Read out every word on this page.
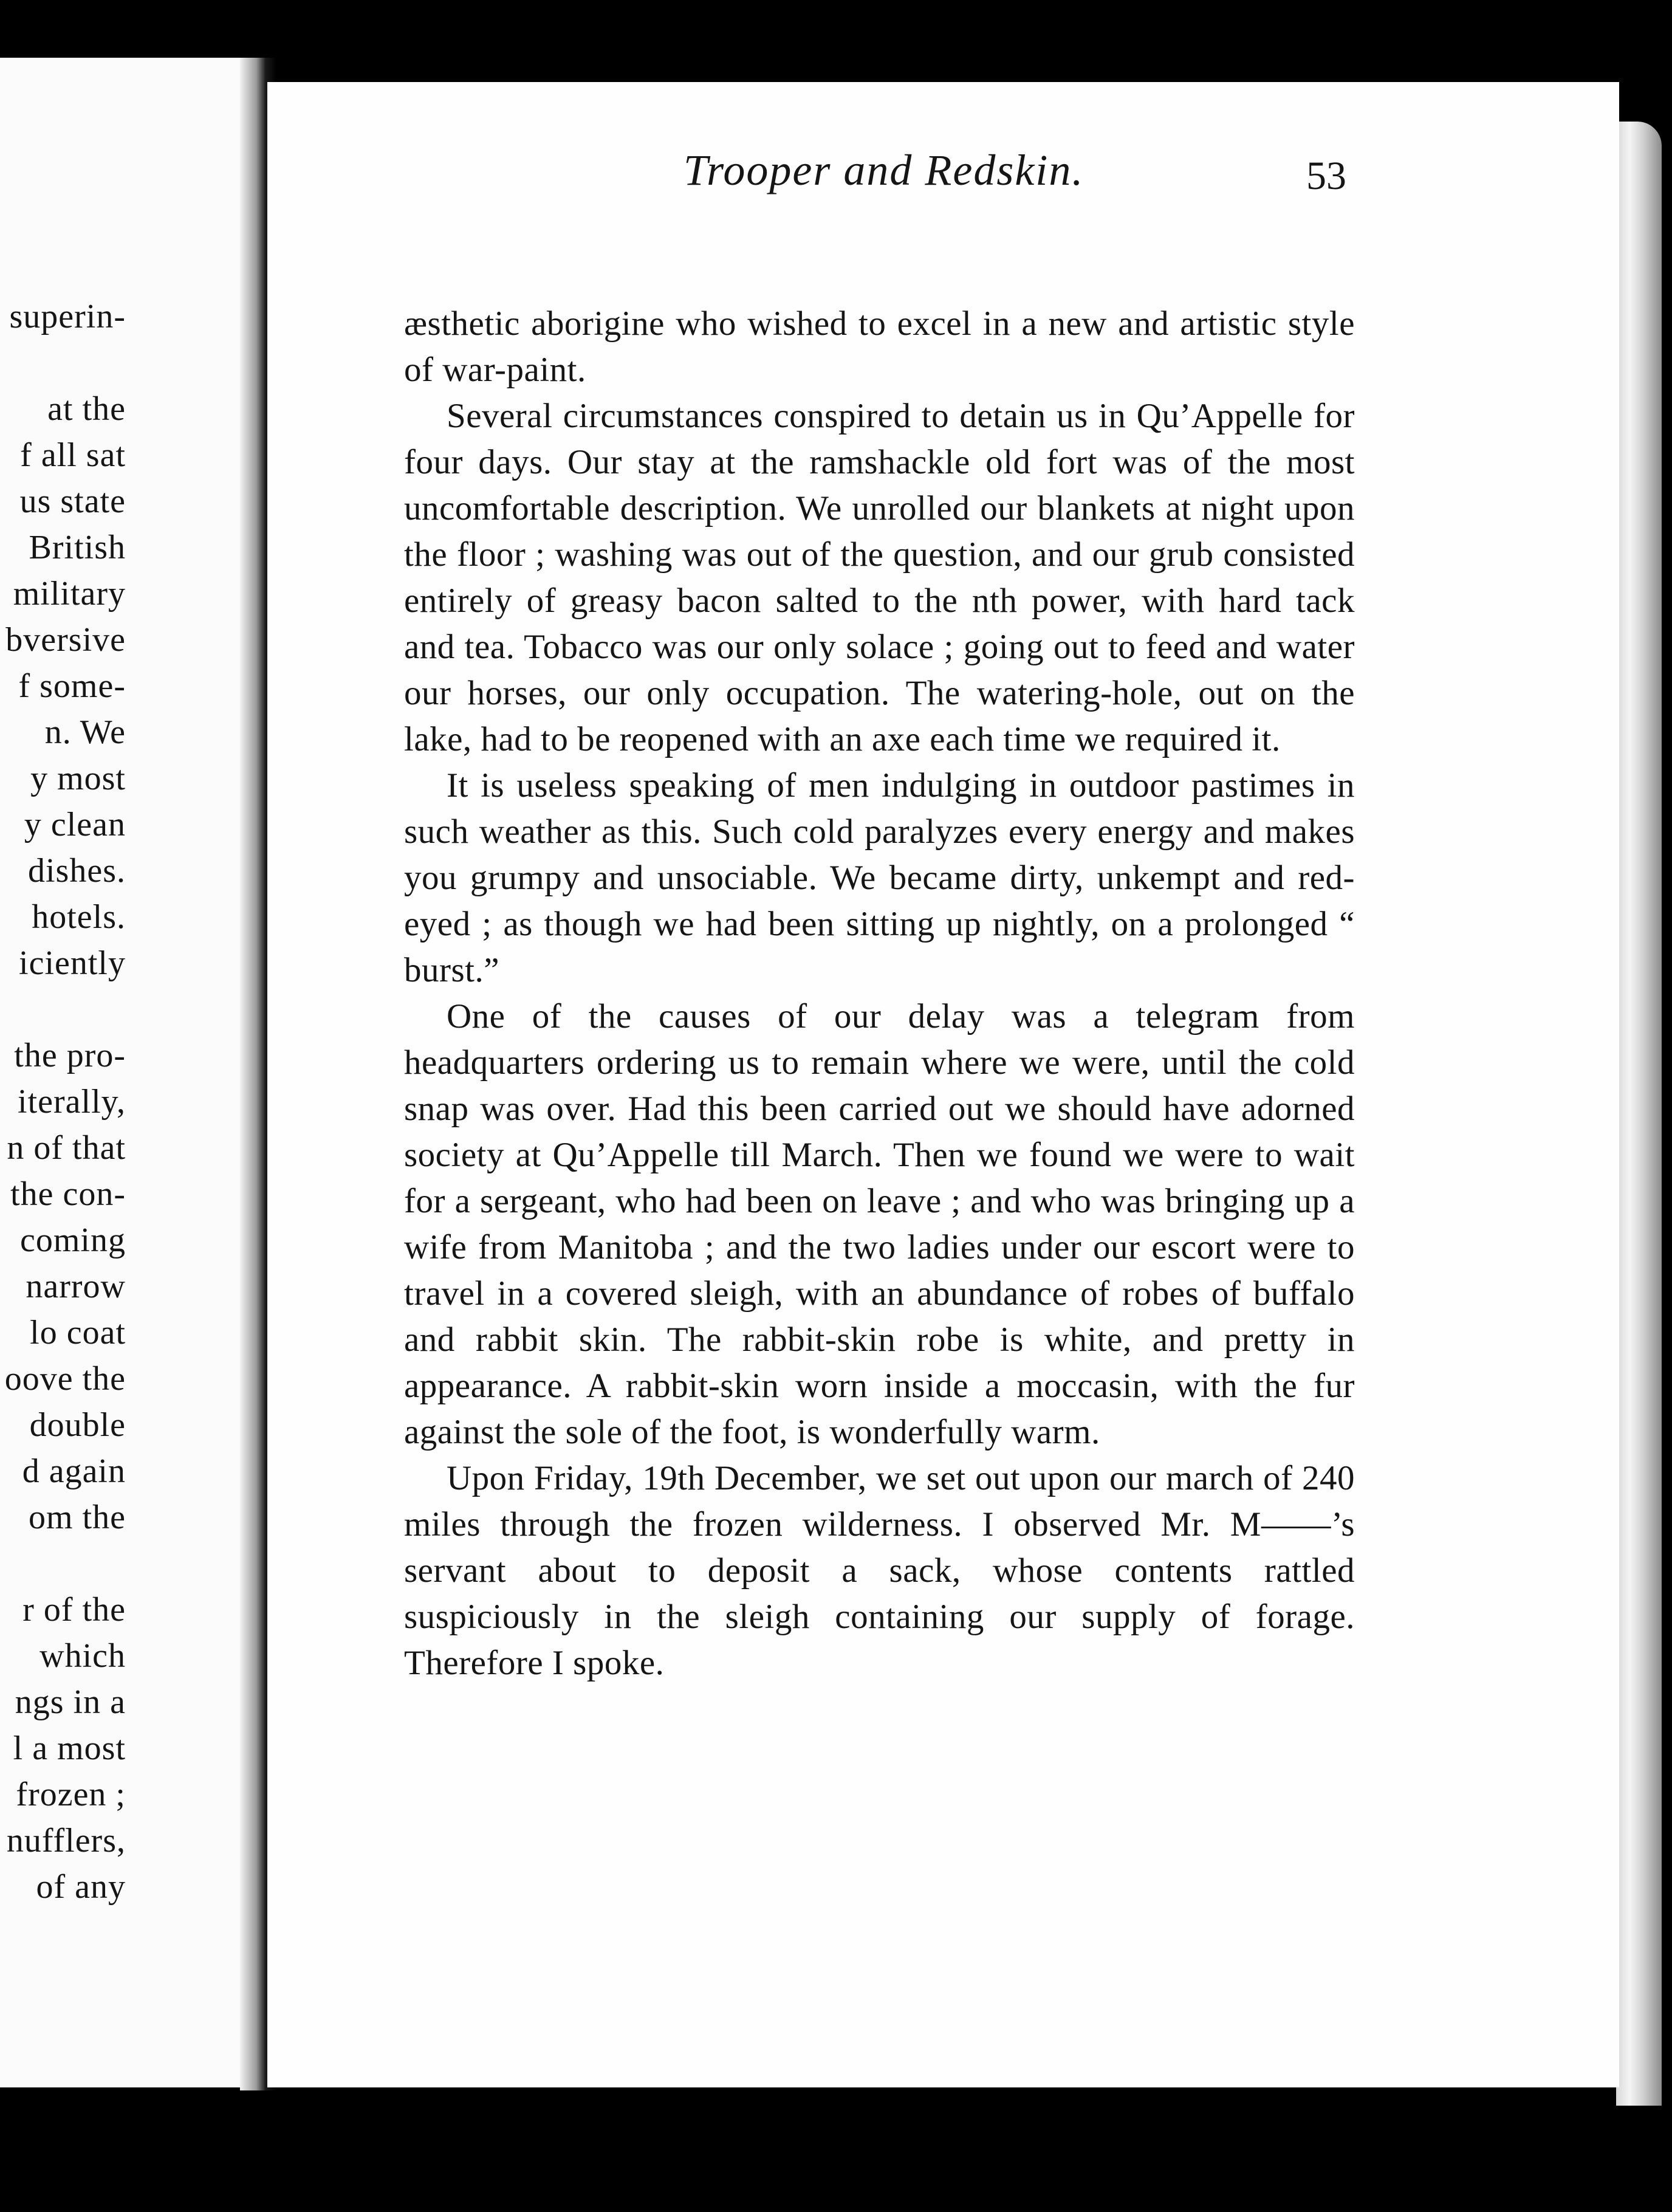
superin-
at the
f all sat
us state
British
military
bversive
f some-
n. We
y most
y clean
dishes.
hotels.
iciently
the pro-
iterally,
n of that
the con-
coming
narrow
lo coat
oove the
double
d again
om the
r of the
which
ngs in a
l a most
frozen ;
nufflers,
of any
Trooper and Redskin.	53

æsthetic aborigine who wished to excel in a new and artistic style of war-paint.

Several circumstances conspired to detain us in Qu’Appelle for four days. Our stay at the ramshackle old fort was of the most uncomfortable description. We unrolled our blankets at night upon the floor ; washing was out of the question, and our grub consisted entirely of greasy bacon salted to the nth power, with hard tack and tea. Tobacco was our only solace ; going out to feed and water our horses, our only occupation. The watering-hole, out on the lake, had to be reopened with an axe each time we required it.

It is useless speaking of men indulging in outdoor pastimes in such weather as this. Such cold paralyzes every energy and makes you grumpy and unsociable. We became dirty, unkempt and red-eyed ; as though we had been sitting up nightly, on a prolonged “ burst.”

One of the causes of our delay was a telegram from headquarters ordering us to remain where we were, until the cold snap was over. Had this been carried out we should have adorned society at Qu’Appelle till March. Then we found we were to wait for a sergeant, who had been on leave ; and who was bringing up a wife from Manitoba ; and the two ladies under our escort were to travel in a covered sleigh, with an abundance of robes of buffalo and rabbit skin. The rabbit-skin robe is white, and pretty in appearance. A rabbit-skin worn inside a moccasin, with the fur against the sole of the foot, is wonderfully warm.

Upon Friday, 19th December, we set out upon our march of 240 miles through the frozen wilderness. I observed Mr. M——’s servant about to deposit a sack, whose contents rattled suspiciously in the sleigh containing our supply of forage. Therefore I spoke.
